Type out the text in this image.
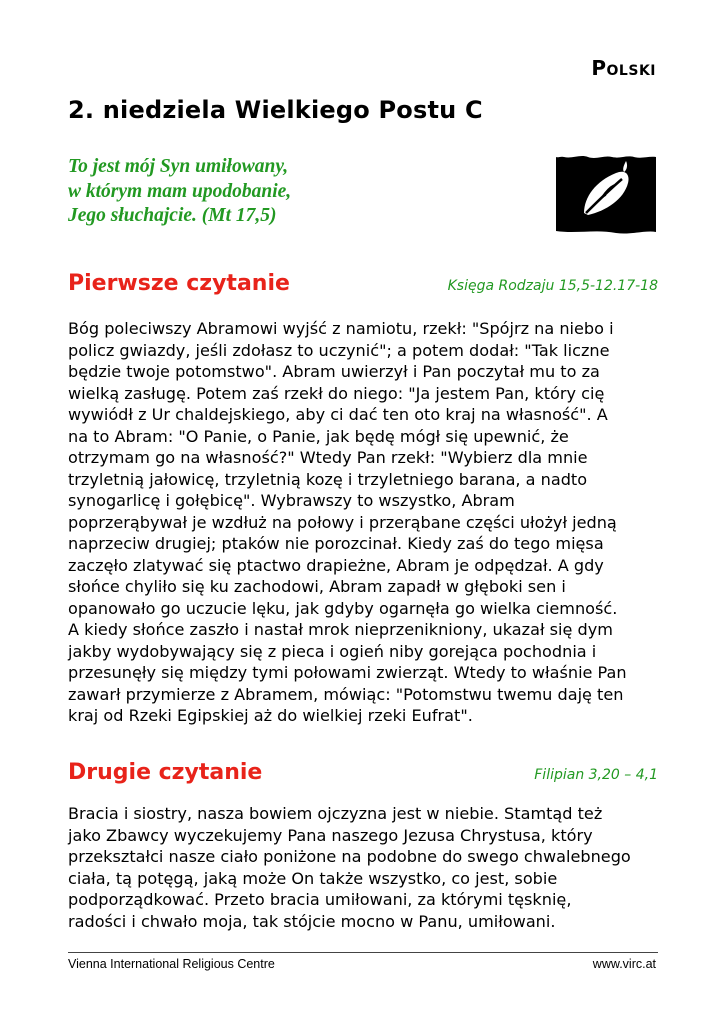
Polski
2. niedziela Wielkiego Postu C
To jest mój Syn umiłowany,
w którym mam upodobanie,
Jego słuchajcie. (Mt 17,5)
Pierwsze czytanie	Księga Rodzaju 15,5-12.17-18
Bóg poleciwszy Abramowi wyjść z namiotu, rzekł: "Spójrz na niebo i
policz gwiazdy, jeśli zdołasz to uczynić"; a potem dodał: "Tak liczne
będzie twoje potomstwo". Abram uwierzył i Pan poczytał mu to za
wielką zasługę. Potem zaś rzekł do niego: "Ja jestem Pan, który cię
wywiódł z Ur chaldejskiego, aby ci dać ten oto kraj na własność". A
na to Abram: "O Panie, o Panie, jak będę mógł się upewnić, że
otrzymam go na własność?" Wtedy Pan rzekł: "Wybierz dla mnie
trzyletnią jałowicę, trzyletnią kozę i trzyletniego barana, a nadto
synogarlicę i gołębicę". Wybrawszy to wszystko, Abram
poprzerąbywał je wzdłuż na połowy i przerąbane części ułożył jedną
naprzeciw drugiej; ptaków nie porozcinał. Kiedy zaś do tego mięsa
zaczęło zlatywać się ptactwo drapieżne, Abram je odpędzał. A gdy
słońce chyliło się ku zachodowi, Abram zapadł w głęboki sen i
opanowało go uczucie lęku, jak gdyby ogarnęła go wielka ciemność.
A kiedy słońce zaszło i nastał mrok nieprzenikniony, ukazał się dym
jakby wydobywający się z pieca i ogień niby gorejąca pochodnia i
przesunęły się między tymi połowami zwierząt. Wtedy to właśnie Pan
zawarł przymierze z Abramem, mówiąc: "Potomstwu twemu daję ten
kraj od Rzeki Egipskiej aż do wielkiej rzeki Eufrat".
Drugie czytanie	Filipian 3,20 – 4,1
Bracia i siostry, nasza bowiem ojczyzna jest w niebie. Stamtąd też
jako Zbawcy wyczekujemy Pana naszego Jezusa Chrystusa, który
przekształci nasze ciało poniżone na podobne do swego chwalebnego
ciała, tą potęgą, jaką może On także wszystko, co jest, sobie
podporządkować. Przeto bracia umiłowani, za którymi tęsknię,
radości i chwało moja, tak stójcie mocno w Panu, umiłowani.
Vienna International Religious Centre	www.virc.at
